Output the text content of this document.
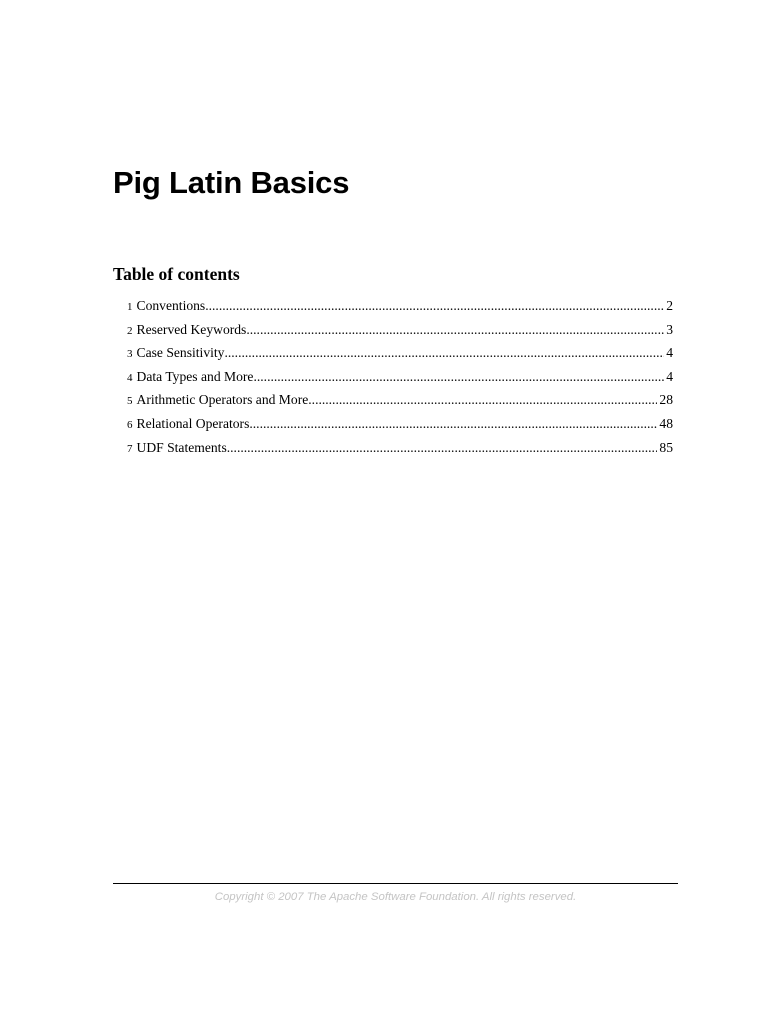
Pig Latin Basics
Table of contents
1 Conventions .....	2
2 Reserved Keywords .....	3
3 Case Sensitivity .....	4
4 Data Types and More .....	4
5 Arithmetic Operators and More .....	28
6 Relational Operators .....	48
7 UDF Statements .....	85
Copyright © 2007 The Apache Software Foundation. All rights reserved.
